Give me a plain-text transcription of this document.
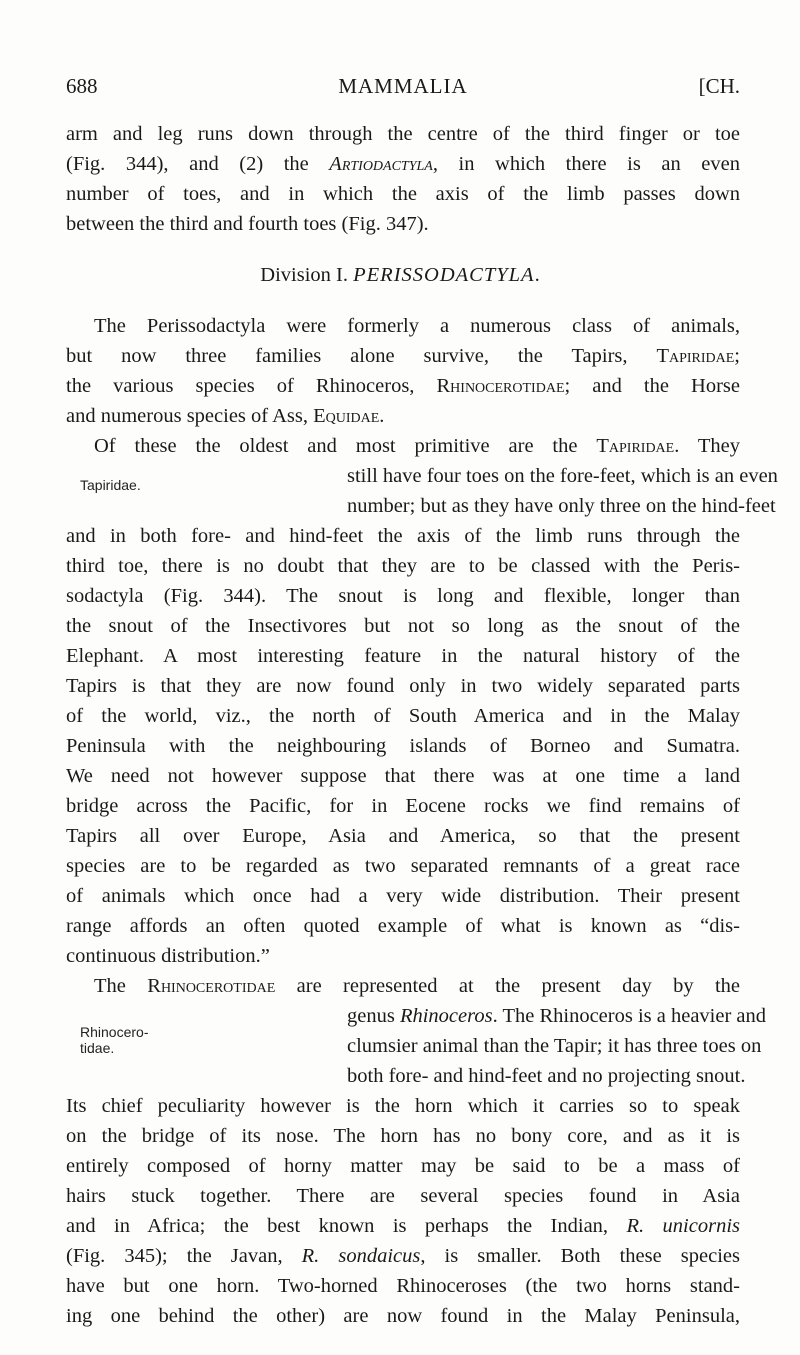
688	MAMMALIA	[CH.
arm and leg runs down through the centre of the third finger or toe
(Fig. 344), and (2) the Artiodactyla, in which there is an even
number of toes, and in which the axis of the limb passes down
between the third and fourth toes (Fig. 347).
Division I. PERISSODACTYLA.
The Perissodactyla were formerly a numerous class of animals,
but now three families alone survive, the Tapirs, Tapiridae;
the various species of Rhinoceros, Rhinocerotidae; and the Horse
and numerous species of Ass, Equidae.
Of these the oldest and most primitive are the Tapiridae. They
Tapiridae.	still have four toes on the fore-feet, which is an even
number; but as they have only three on the hind-feet
and in both fore- and hind-feet the axis of the limb runs through the
third toe, there is no doubt that they are to be classed with the Peris-
sodactyla (Fig. 344). The snout is long and flexible, longer than
the snout of the Insectivores but not so long as the snout of the
Elephant. A most interesting feature in the natural history of the
Tapirs is that they are now found only in two widely separated parts
of the world, viz., the north of South America and in the Malay
Peninsula with the neighbouring islands of Borneo and Sumatra.
We need not however suppose that there was at one time a land
bridge across the Pacific, for in Eocene rocks we find remains of
Tapirs all over Europe, Asia and America, so that the present
species are to be regarded as two separated remnants of a great race
of animals which once had a very wide distribution. Their present
range affords an often quoted example of what is known as “dis-
continuous distribution.”
The Rhinocerotidae are represented at the present day by the
genus Rhinoceros. The Rhinoceros is a heavier and
Rhinocero-
tidae.	clumsier animal than the Tapir; it has three toes on
both fore- and hind-feet and no projecting snout.
Its chief peculiarity however is the horn which it carries so to speak
on the bridge of its nose. The horn has no bony core, and as it is
entirely composed of horny matter may be said to be a mass of
hairs stuck together. There are several species found in Asia
and in Africa; the best known is perhaps the Indian, R. unicornis
(Fig. 345); the Javan, R. sondaicus, is smaller. Both these species
have but one horn. Two-horned Rhinoceroses (the two horns stand-
ing one behind the other) are now found in the Malay Peninsula,
